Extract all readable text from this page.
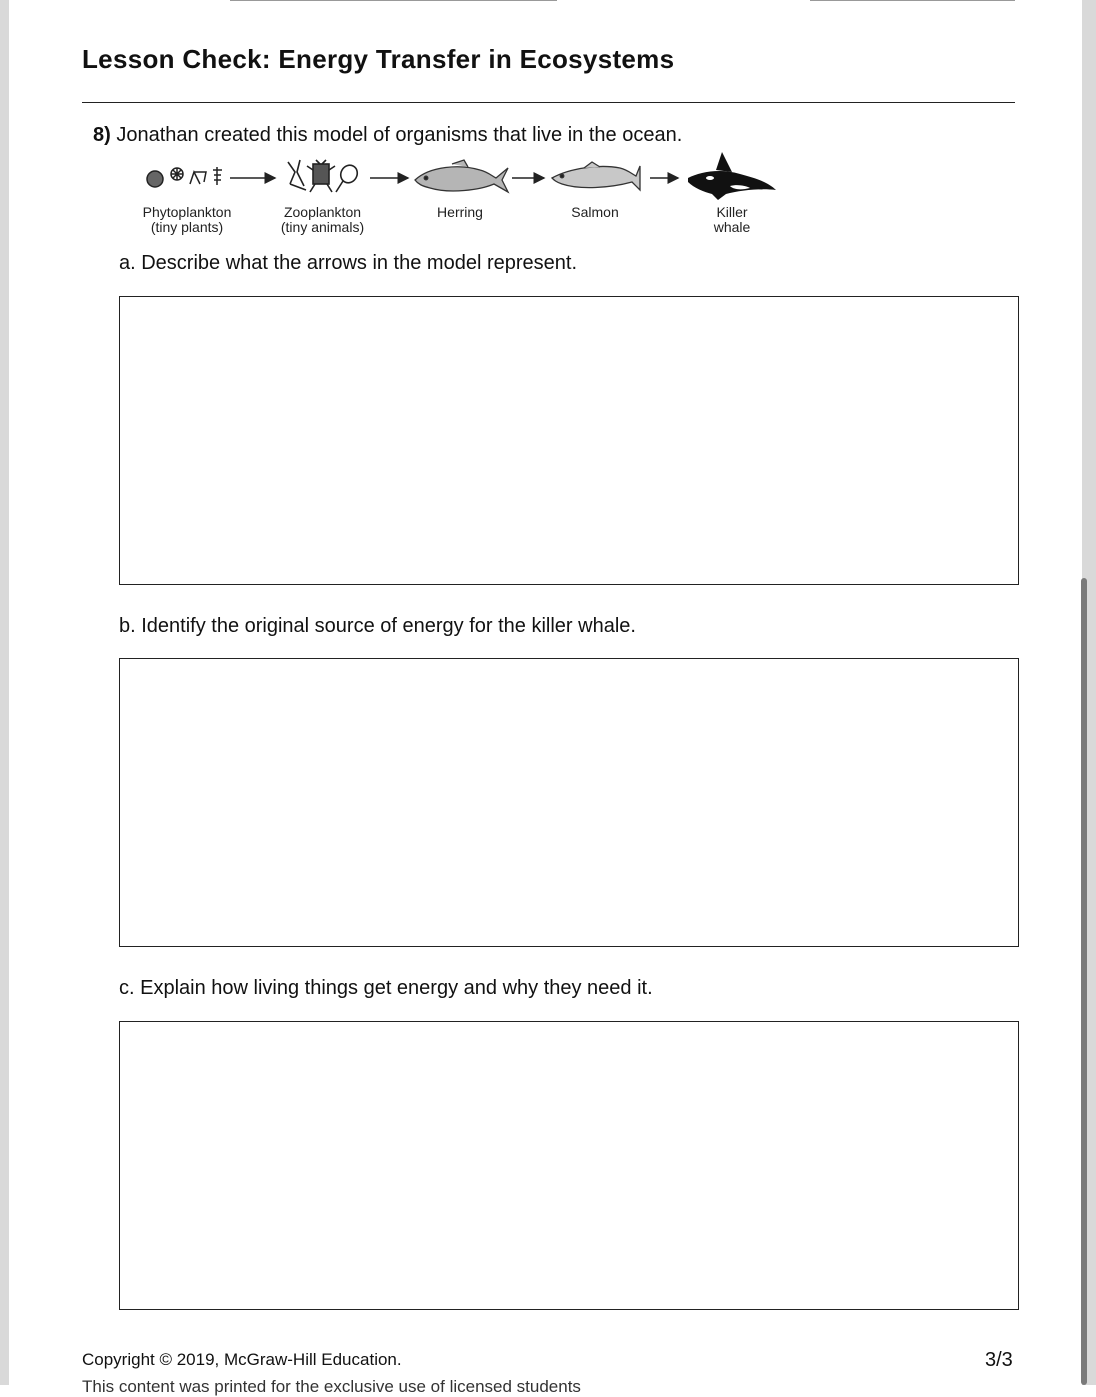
Lesson Check: Energy Transfer in Ecosystems
8) Jonathan created this model of organisms that live in the ocean.
Phytoplankton
(tiny plants)
Zooplankton
(tiny animals)
Herring	Salmon	Killer
whale
a. Describe what the arrows in the model represent.
b. Identify the original source of energy for the killer whale.
c. Explain how living things get energy and why they need it.
Copyright © 2019, McGraw-Hill Education.	3/3
This content was printed for the exclusive use of licensed students
